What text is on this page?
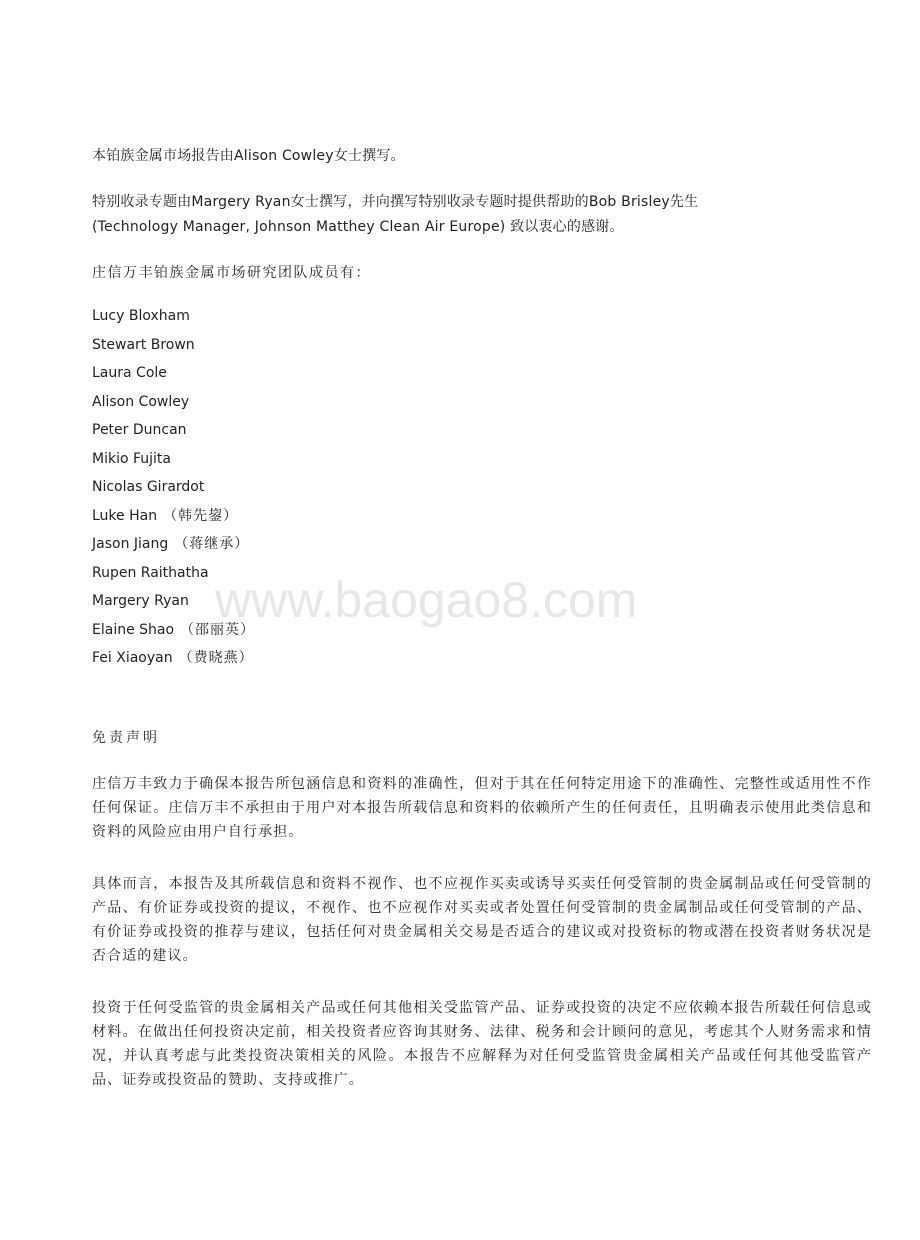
本铂族金属市场报告由Alison Cowley女士撰写。
特别收录专题由Margery Ryan女士撰写，并向撰写特别收录专题时提供帮助的Bob Brisley先生
(Technology Manager, Johnson Matthey Clean Air Europe) 致以衷心的感谢。
庄信万丰铂族金属市场研究团队成员有：
Lucy Bloxham
Stewart Brown
Laura Cole
Alison Cowley
Peter Duncan
Mikio Fujita
Nicolas Girardot
Luke Han （韩先鋆）
Jason Jiang （蒋继承）
Rupen Raithatha
Margery Ryan
Elaine Shao （邵丽英）
Fei Xiaoyan （费晓燕）
免责声明
庄信万丰致力于确保本报告所包涵信息和资料的准确性，但对于其在任何特定用途下的准确性、完整性或适用性不作任何保证。庄信万丰不承担由于用户对本报告所载信息和资料的依赖所产生的任何责任，且明确表示使用此类信息和资料的风险应由用户自行承担。
具体而言，本报告及其所载信息和资料不视作、也不应视作买卖或诱导买卖任何受管制的贵金属制品或任何受管制的产品、有价证券或投资的提议，不视作、也不应视作对买卖或者处置任何受管制的贵金属制品或任何受管制的产品、有价证券或投资的推荐与建议，包括任何对贵金属相关交易是否适合的建议或对投资标的物或潜在投资者财务状况是否合适的建议。
投资于任何受监管的贵金属相关产品或任何其他相关受监管产品、证券或投资的决定不应依赖本报告所载任何信息或材料。在做出任何投资决定前，相关投资者应咨询其财务、法律、税务和会计顾问的意见，考虑其个人财务需求和情况，并认真考虑与此类投资决策相关的风险。本报告不应解释为对任何受监管贵金属相关产品或任何其他受监管产品、证券或投资品的赞助、支持或推广。
www.baogao8.com
